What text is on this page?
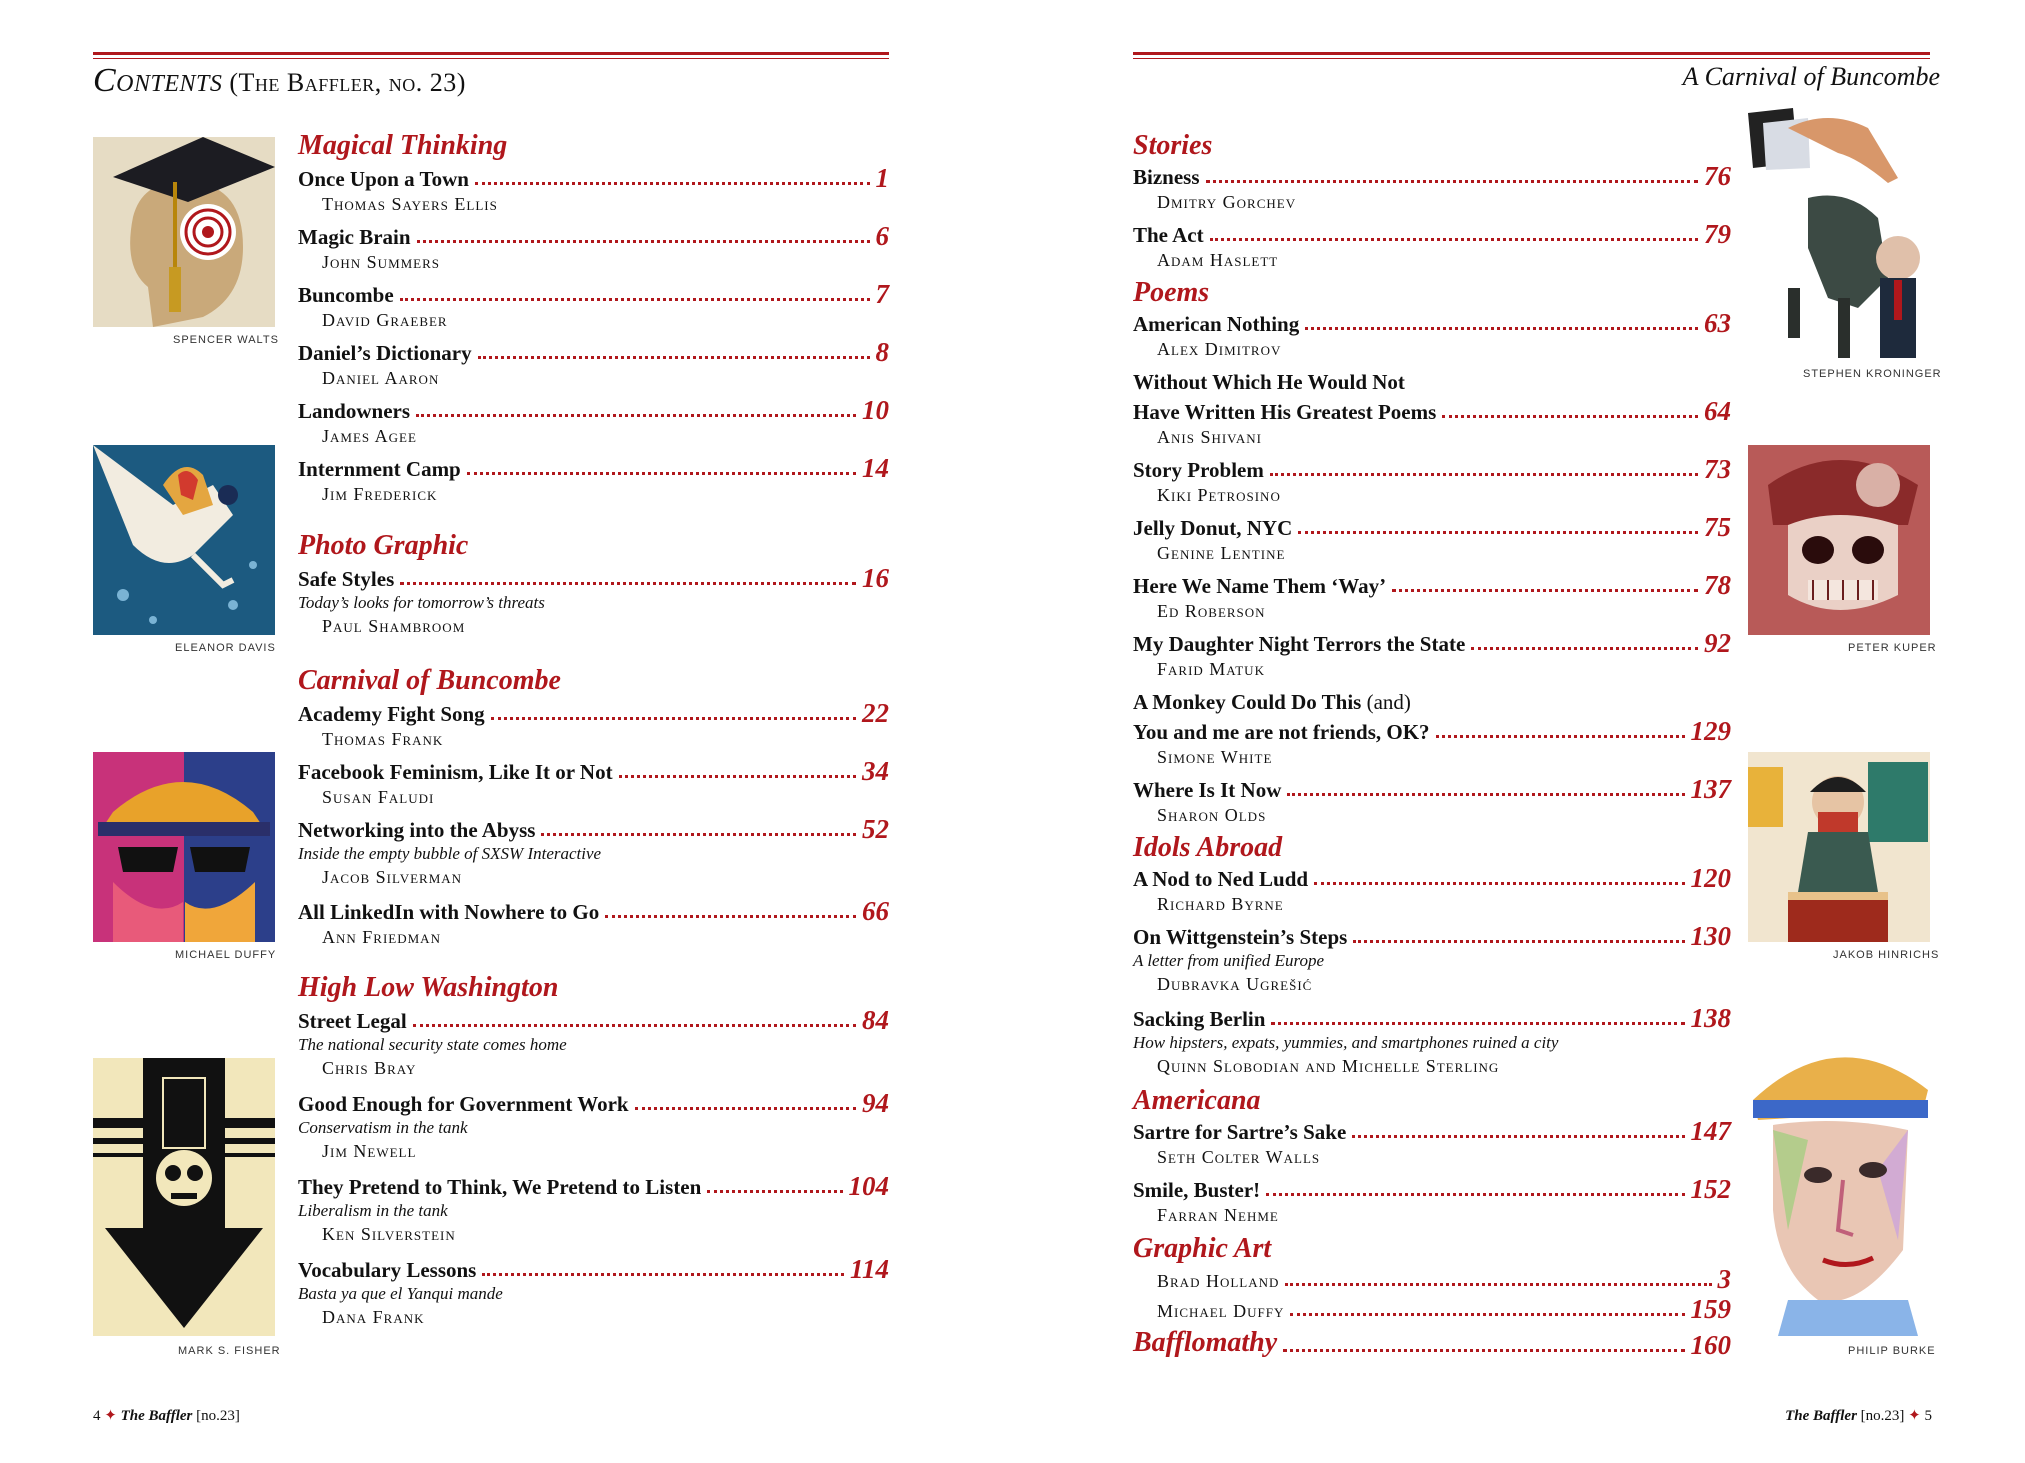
Contents (The Baffler, no. 23)	A Carnival of Buncombe
SPENCER WALTS
ELEANOR DAVIS
MICHAEL DUFFY
MARK S. FISHER
Magical Thinking
Once Upon a Town	1
Thomas Sayers Ellis
Magic Brain	6
John Summers
Buncombe	7
David Graeber
Daniel’s Dictionary	8
Daniel Aaron
Landowners	10
James Agee
Internment Camp	14
Jim Frederick
Photo Graphic
Safe Styles	16
Today’s looks for tomorrow’s threats
Paul Shambroom
Carnival of Buncombe
Academy Fight Song	22
Thomas Frank
Facebook Feminism, Like It or Not	34
Susan Faludi
Networking into the Abyss	52
Inside the empty bubble of SXSW Interactive
Jacob Silverman
All LinkedIn with Nowhere to Go	66
Ann Friedman
High Low Washington
Street Legal	84
The national security state comes home
Chris Bray
Good Enough for Government Work	94
Conservatism in the tank
Jim Newell
They Pretend to Think, We Pretend to Listen	104
Liberalism in the tank
Ken Silverstein
Vocabulary Lessons	114
Basta ya que el Yanqui mande
Dana Frank
Stories
Bizness	76
Dmitry Gorchev
The Act	79
Adam Haslett
Poems
American Nothing	63
Alex Dimitrov
Without Which He Would Not
Have Written His Greatest Poems	64
Anis Shivani
Story Problem	73
Kiki Petrosino
Jelly Donut, NYC	75
Genine Lentine
Here We Name Them ‘Way’	78
Ed Roberson
My Daughter Night Terrors the State	92
Farid Matuk
A Monkey Could Do This (and)
You and me are not friends, OK?	129
Simone White
Where Is It Now	137
Sharon Olds
Idols Abroad
A Nod to Ned Ludd	120
Richard Byrne
On Wittgenstein’s Steps	130
A letter from unified Europe
Dubravka Ugrešić
Sacking Berlin	138
How hipsters, expats, yummies, and smartphones ruined a city
Quinn Slobodian and Michelle Sterling
Americana
Sartre for Sartre’s Sake	147
Seth Colter Walls
Smile, Buster!	152
Farran Nehme
Graphic Art
Brad Holland	3
Michael Duffy	159
Bafflomathy	160
STEPHEN KRONINGER
PETER KUPER
JAKOB HINRICHS
PHILIP BURKE
4 ✦ The Baffler [no.23]	The Baffler [no.23] ✦ 5
